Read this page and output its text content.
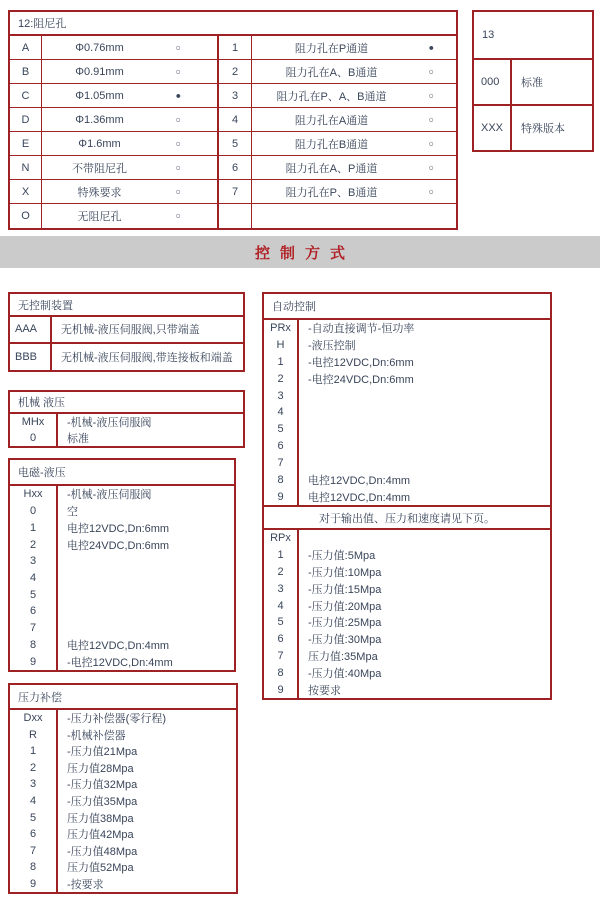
12:阻尼孔
A	Φ0.76mm	○
B	Φ0.91mm	○
C	Φ1.05mm	●
D	Φ1.36mm	○
E	Φ1.6mm	○
N	不带阻尼孔	○
X	特殊要求	○
O	无阻尼孔	○
1	阻力孔在P通道	●
2	阻力孔在A、B通道	○
3	阻力孔在P、A、B通道	○
4	阻力孔在A通道	○
5	阻力孔在B通道	○
6	阻力孔在A、P通道	○
7	阻力孔在P、B通道	○
13
000	标准
XXX	特殊版本
控制方式
无控制装置
AAA	无机械-液压伺服阀,只带端盖
BBB	无机械-液压伺服阀,带连接板和端盖
机械 液压
MHx	-机械-液压伺服阀
0	标准
电磁-液压
Hxx	-机械-液压伺服阀
0	空
1	电控12VDC,Dn:6mm
2	电控24VDC,Dn:6mm
3
4
5
6
7
8	电控12VDC,Dn:4mm
9	-电控12VDC,Dn:4mm
压力补偿
Dxx	-压力补偿器(零行程)
R	-机械补偿器
1	-压力值21Mpa
2	压力值28Mpa
3	-压力值32Mpa
4	-压力值35Mpa
5	压力值38Mpa
6	压力值42Mpa
7	-压力值48Mpa
8	压力值52Mpa
9	-按要求
自动控制
PRx	-自动直接调节-恒功率
H	-液压控制
1	-电控12VDC,Dn:6mm
2	-电控24VDC,Dn:6mm
3
4
5
6
7
8	电控12VDC,Dn:4mm
9	电控12VDC,Dn:4mm
对于输出值、压力和速度请见下页。
RPx
1	-压力值:5Mpa
2	-压力值:10Mpa
3	-压力值:15Mpa
4	-压力值:20Mpa
5	-压力值:25Mpa
6	-压力值:30Mpa
7	压力值:35Mpa
8	-压力值:40Mpa
9	按要求
